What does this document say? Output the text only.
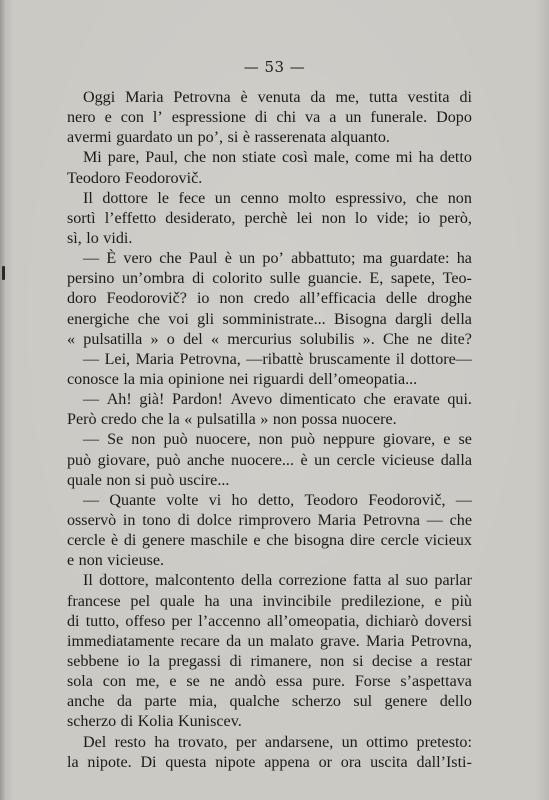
— 53 —
Oggi Maria Petrovna è venuta da me, tutta vestita di
nero e con l’ espressione di chi va a un funerale. Dopo
avermi guardato un po’, si è rasserenata alquanto.
Mi pare, Paul, che non stiate così male, come mi ha detto
Teodoro Feodorovič.
Il dottore le fece un cenno molto espressivo, che non
sortì l’effetto desiderato, perchè lei non lo vide; io però,
sì, lo vidi.
— È vero che Paul è un po’ abbattuto; ma guardate: ha
persino un’ombra di colorito sulle guancie. E, sapete, Teo-
doro Feodorovič? io non credo all’efficacia delle droghe
energiche che voi gli somministrate... Bisogna dargli della
« pulsatilla » o del « mercurius solubilis ». Che ne dite?
— Lei, Maria Petrovna, —ribattè bruscamente il dottore—
conosce la mia opinione nei riguardi dell’omeopatia...
— Ah! già! Pardon! Avevo dimenticato che eravate qui.
Però credo che la « pulsatilla » non possa nuocere.
— Se non può nuocere, non può neppure giovare, e se
può giovare, può anche nuocere... è un cercle vicieuse dalla
quale non si può uscire...
— Quante volte vi ho detto, Teodoro Feodorovič, —
osservò in tono di dolce rimprovero Maria Petrovna — che
cercle è di genere maschile e che bisogna dire cercle vicieux
e non vicieuse.
Il dottore, malcontento della correzione fatta al suo parlar
francese pel quale ha una invincibile predilezione, e più
di tutto, offeso per l’accenno all’omeopatia, dichiarò doversi
immediatamente recare da un malato grave. Maria Petrovna,
sebbene io la pregassi di rimanere, non si decise a restar
sola con me, e se ne andò essa pure. Forse s’aspettava
anche da parte mia, qualche scherzo sul genere dello
scherzo di Kolia Kuniscev.
Del resto ha trovato, per andarsene, un ottimo pretesto:
la nipote. Di questa nipote appena or ora uscita dall’Isti-
